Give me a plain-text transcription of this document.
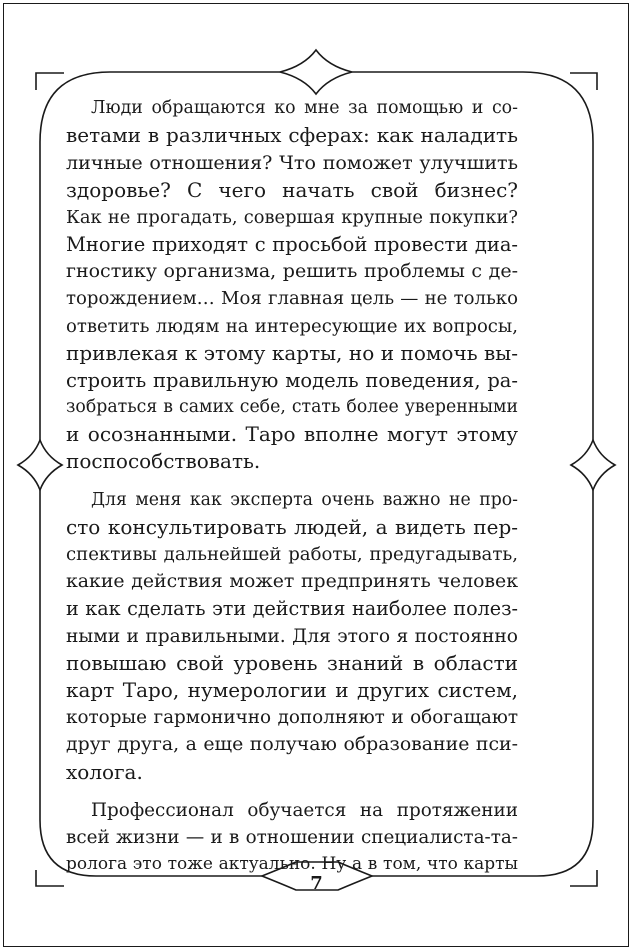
Люди обращаются ко мне за помощью и со-
ветами в различных сферах: как наладить
личные отношения? Что поможет улучшить
здоровье? С чего начать свой бизнес?
Как не прогадать, совершая крупные покупки?
Многие приходят с просьбой провести диа-
гностику организма, решить проблемы с де-
торождением… Моя главная цель — не только
ответить людям на интересующие их вопросы,
привлекая к этому карты, но и помочь вы-
строить правильную модель поведения, ра-
зобраться в самих себе, стать более уверенными
и осознанными. Таро вполне могут этому
поспособствовать.
Для меня как эксперта очень важно не про-
сто консультировать людей, а видеть пер-
спективы дальнейшей работы, предугадывать,
какие действия может предпринять человек
и как сделать эти действия наиболее полез-
ными и правильными. Для этого я постоянно
повышаю свой уровень знаний в области
карт Таро, нумерологии и других систем,
которые гармонично дополняют и обогащают
друг друга, а еще получаю образование пси-
холога.
Профессионал обучается на протяжении
всей жизни — и в отношении специалиста-та-
ролога это тоже актуально. Ну а в том, что карты
7
